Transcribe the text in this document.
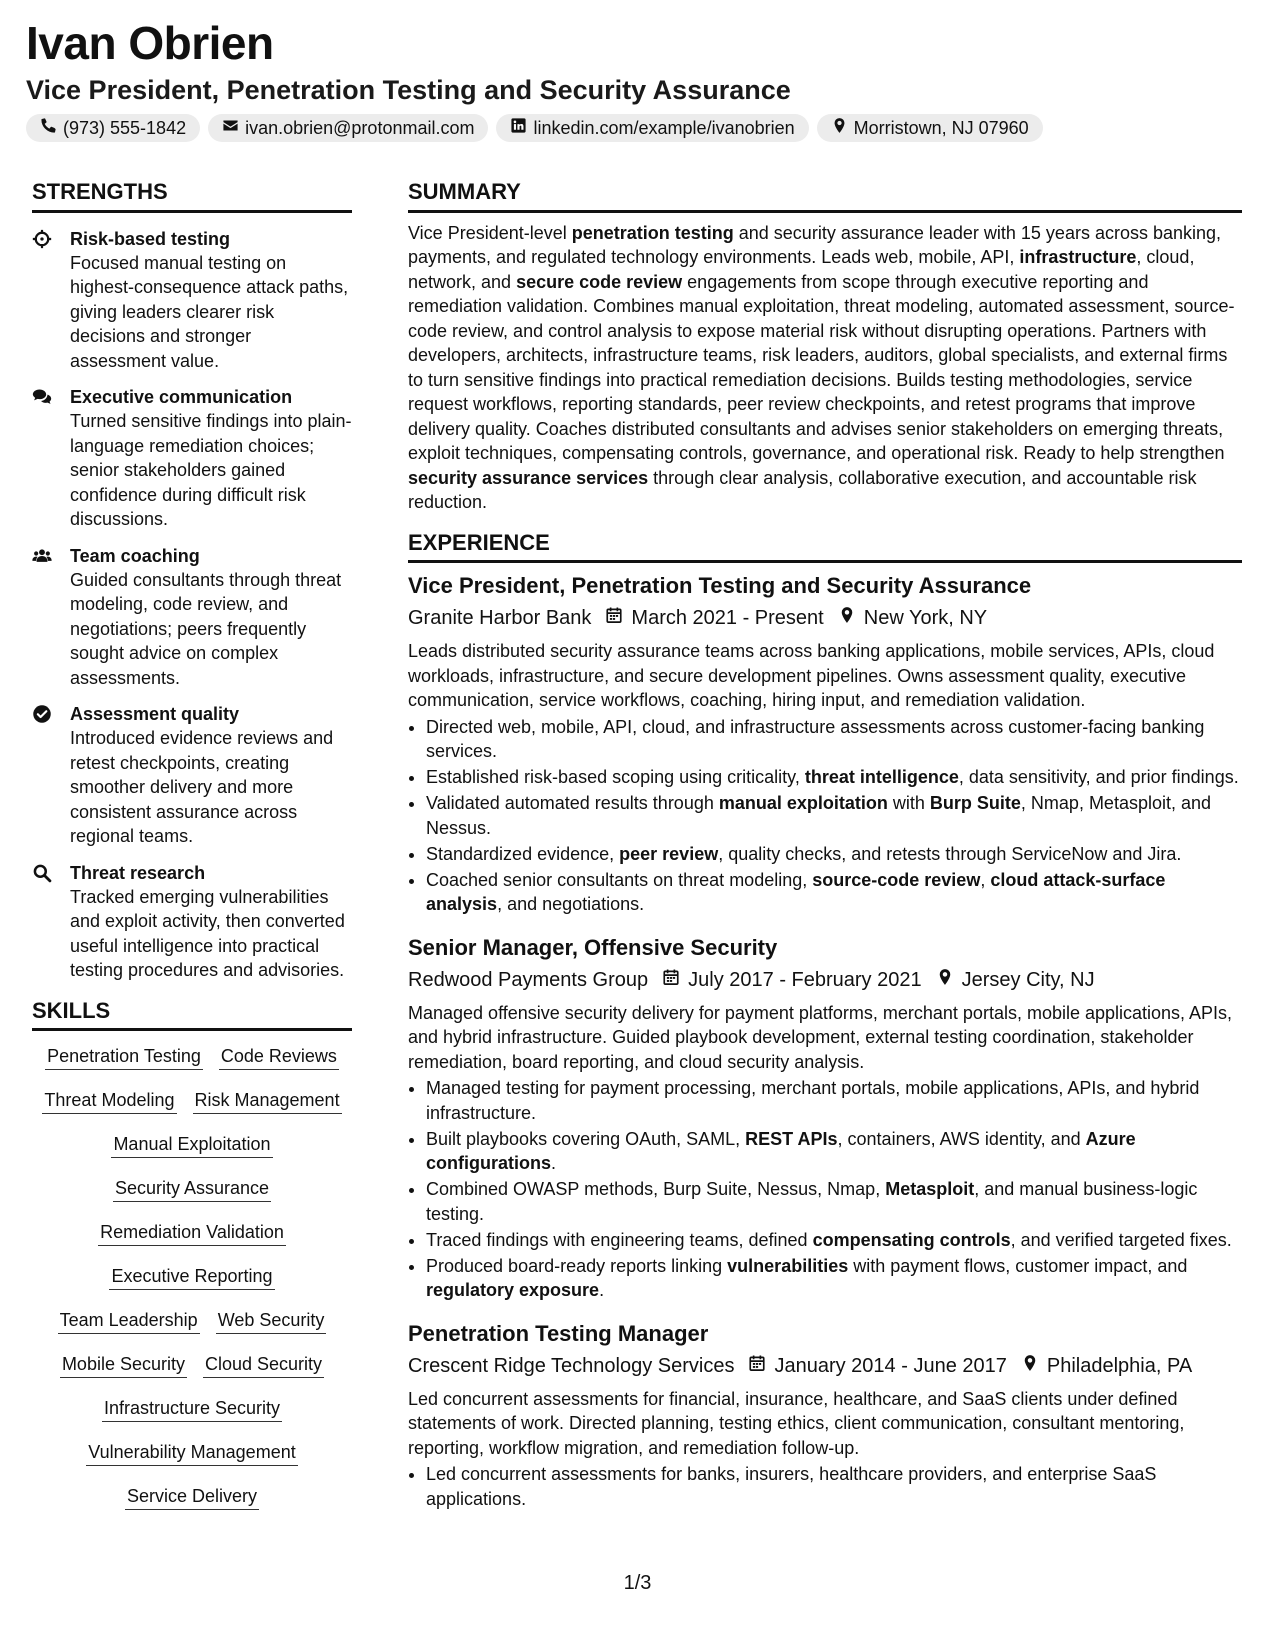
Ivan Obrien
Vice President, Penetration Testing and Security Assurance
(973) 555-1842	ivan.obrien@protonmail.com	linkedin.com/example/ivanobrien	Morristown, NJ 07960
STRENGTHS
Risk-based testing
Focused manual testing on highest-consequence attack paths, giving leaders clearer risk decisions and stronger assessment value.
Executive communication
Turned sensitive findings into plain-language remediation choices; senior stakeholders gained confidence during difficult risk discussions.
Team coaching
Guided consultants through threat modeling, code review, and negotiations; peers frequently sought advice on complex assessments.
Assessment quality
Introduced evidence reviews and retest checkpoints, creating smoother delivery and more consistent assurance across regional teams.
Threat research
Tracked emerging vulnerabilities and exploit activity, then converted useful intelligence into practical testing procedures and advisories.
SKILLS
Penetration Testing Code Reviews
Threat Modeling Risk Management
Manual Exploitation
Security Assurance
Remediation Validation
Executive Reporting
Team Leadership Web Security
Mobile Security Cloud Security
Infrastructure Security
Vulnerability Management
Service Delivery
SUMMARY

Vice President-level penetration testing and security assurance leader with 15 years across banking, payments, and regulated technology environments. Leads web, mobile, API, infrastructure, cloud, network, and secure code review engagements from scope through executive reporting and remediation validation. Combines manual exploitation, threat modeling, automated assessment, source-code review, and control analysis to expose material risk without disrupting operations. Partners with developers, architects, infrastructure teams, risk leaders, auditors, global specialists, and external firms to turn sensitive findings into practical remediation decisions. Builds testing methodologies, service request workflows, reporting standards, peer review checkpoints, and retest programs that improve delivery quality. Coaches distributed consultants and advises senior stakeholders on emerging threats, exploit techniques, compensating controls, governance, and operational risk. Ready to help strengthen security assurance services through clear analysis, collaborative execution, and accountable risk reduction.

EXPERIENCE
Vice President, Penetration Testing and Security Assurance
Granite Harbor Bank March 2021 - Present New York, NY

Leads distributed security assurance teams across banking applications, mobile services, APIs, cloud workloads, infrastructure, and secure development pipelines. Owns assessment quality, executive communication, service workflows, coaching, hiring input, and remediation validation.

• Directed web, mobile, API, cloud, and infrastructure assessments across customer-facing banking services.
• Established risk-based scoping using criticality, threat intelligence, data sensitivity, and prior findings.
• Validated automated results through manual exploitation with Burp Suite, Nmap, Metasploit, and Nessus.
• Standardized evidence, peer review, quality checks, and retests through ServiceNow and Jira.
• Coached senior consultants on threat modeling, source-code review, cloud attack-surface analysis, and negotiations.
Senior Manager, Offensive Security
Redwood Payments Group July 2017 - February 2021 Jersey City, NJ

Managed offensive security delivery for payment platforms, merchant portals, mobile applications, APIs, and hybrid infrastructure. Guided playbook development, external testing coordination, stakeholder remediation, board reporting, and cloud security analysis.

• Managed testing for payment processing, merchant portals, mobile applications, APIs, and hybrid infrastructure.
• Built playbooks covering OAuth, SAML, REST APIs, containers, AWS identity, and Azure configurations.
• Combined OWASP methods, Burp Suite, Nessus, Nmap, Metasploit, and manual business-logic testing.
• Traced findings with engineering teams, defined compensating controls, and verified targeted fixes.
• Produced board-ready reports linking vulnerabilities with payment flows, customer impact, and regulatory exposure.
Penetration Testing Manager
Crescent Ridge Technology Services January 2014 - June 2017 Philadelphia, PA

Led concurrent assessments for financial, insurance, healthcare, and SaaS clients under defined statements of work. Directed planning, testing ethics, client communication, consultant mentoring, reporting, workflow migration, and remediation follow-up.

• Led concurrent assessments for banks, insurers, healthcare providers, and enterprise SaaS applications.
1/3
